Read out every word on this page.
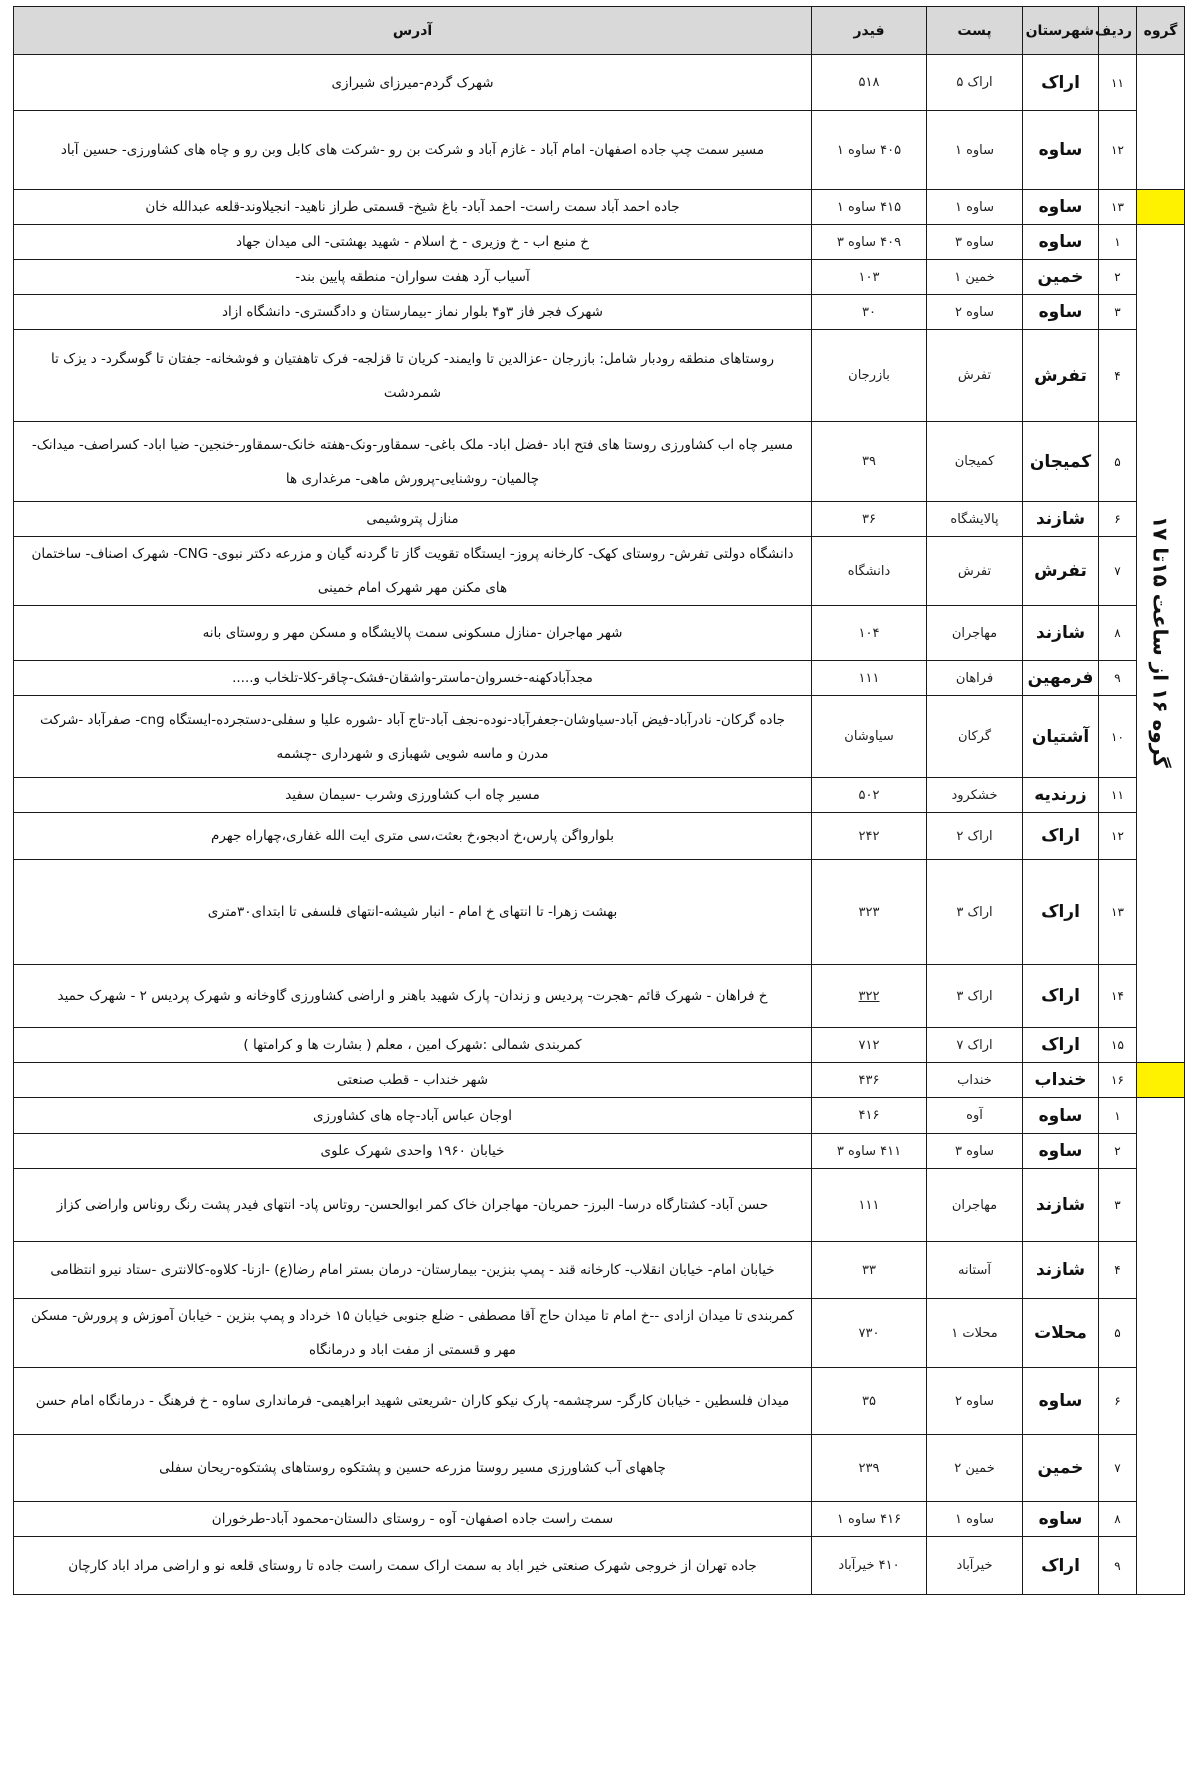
گروه	ردیف	شهرستان	پست	فیدر	آدرس
	۱۱	اراک	اراک ۵	۵۱۸	شهرک گردم-میرزای شیرازی
	۱۲	ساوه	ساوه ۱	۴۰۵ ساوه ۱	مسیر سمت چپ جاده اصفهان- امام آباد - غازم آباد و شرکت بن رو -شرکت های کابل وبن رو و چاه های کشاورزی- حسین آباد
	۱۳	ساوه	ساوه ۱	۴۱۵ ساوه ۱	جاده احمد آباد سمت راست- احمد آباد- باغ شیخ- قسمتی طراز ناهید- انجیلاوند-قلعه عبدالله خان
گروه ۱۶ از ساعت ۱۵تا ۱۷	۱	ساوه	ساوه ۳	۴۰۹ ساوه ۳	خ منبع اب - خ وزیری - خ اسلام - شهید بهشتی- الی میدان جهاد
	۲	خمین	خمین ۱	۱۰۳	آسیاب آرد هفت سواران- منطقه پایین بند-
	۳	ساوه	ساوه ۲	۳۰	شهرک فجر فاز ۳و۴ بلوار نماز -بیمارستان و دادگستری- دانشگاه ازاد
	۴	تفرش	تفرش	بازرجان	روستاهای منطقه رودبار شامل: بازرجان -عزالدین تا وایمند- کریان تا قزلجه- فرک تاهفتیان و فوشخانه- جفتان تا گوسگرد- د یزک تا شمردشت
	۵	کمیجان	کمیجان	۳۹	مسیر چاه اب کشاورزی روستا های فتح اباد -فضل اباد- ملک باغی- سمقاور-ونک-هفته خانک-سمقاور-خنجین- ضیا اباد- کسراصف- میدانک-چالمیان- روشنایی-پرورش ماهی- مرغداری ها
	۶	شازند	پالایشگاه	۳۶	منازل پتروشیمی
	۷	تفرش	تفرش	دانشگاه	دانشگاه دولتی تفرش- روستای کهک- کارخانه پروز- ایستگاه تقویت گاز تا گردنه گیان و مزرعه دکتر نبوی- CNG- شهرک اصناف- ساختمان های مکنن مهر شهرک امام خمینی
	۸	شازند	مهاجران	۱۰۴	شهر مهاجران -منازل مسکونی سمت پالایشگاه و مسکن مهر و روستای بانه
	۹	فرمهین	فراهان	۱۱۱	مجدآبادکهنه-خسروان-ماستر-واشقان-فشک-چاقر-کلا-تلخاب و.....
	۱۰	آشتیان	گرکان	سیاوشان	جاده گرکان- نادرآباد-فیض آباد-سیاوشان-جعفرآباد-نوده-نجف آباد-تاج آباد -شوره علیا و سفلی-دستجرده-ایستگاه cng- صفرآباد -شرکت مدرن و ماسه شویی شهبازی و شهرداری -چشمه
	۱۱	زرندیه	خشکرود	۵۰۲	مسیر چاه اب کشاورزی وشرب -سیمان سفید
	۱۲	اراک	اراک ۲	۲۴۲	بلوارواگن پارس،خ ادبجو،خ بعثت،سی متری ایت الله غفاری،چهاراه جهرم
	۱۳	اراک	اراک ۳	۳۲۳	بهشت زهرا- تا انتهای خ امام - انبار شیشه-انتهای فلسفی تا ابتدای۳۰متری
	۱۴	اراک	اراک ۳	۳۲۲	خ فراهان - شهرک قائم -هجرت- پردیس و زندان- پارک شهید باهنر و اراضی کشاورزی گاوخانه و شهرک پردیس ۲ - شهرک حمید
	۱۵	اراک	اراک ۷	۷۱۲	کمربندی شمالی :شهرک امین ، معلم ( بشارت ها و کرامتها )
	۱۶	خنداب	خنداب	۴۳۶	شهر خنداب - قطب صنعتی
	۱	ساوه	آوه	۴۱۶	اوجان عباس آباد-چاه های کشاورزی
	۲	ساوه	ساوه ۳	۴۱۱ ساوه ۳	خیابان ۱۹۶۰ واحدی شهرک علوی
	۳	شازند	مهاجران	۱۱۱	حسن آباد- کشتارگاه درسا- البرز- حمریان- مهاجران خاک کمر ابوالحسن- روتاس پاد- انتهای فیدر پشت رنگ روناس واراضی کزاز
	۴	شازند	آستانه	۳۳	خیابان امام- خیابان انقلاب- کارخانه قند - پمپ بنزین- بیمارستان- درمان بستر امام رضا(ع) -ازنا- کلاوه-کالانتری -ستاد نیرو انتظامی
	۵	محلات	محلات ۱	۷۳۰	کمربندی تا میدان ازادی --خ امام تا میدان حاج آقا مصطفی - ضلع جنوبی خیابان ۱۵ خرداد و پمپ بنزین - خیابان آموزش و پرورش- مسکن مهر و قسمتی از مفت اباد و درمانگاه
	۶	ساوه	ساوه ۲	۳۵	میدان فلسطین - خیابان کارگر- سرچشمه- پارک نیکو کاران -شریعتی شهید ابراهیمی- فرمانداری ساوه - خ فرهنگ - درمانگاه امام حسن
	۷	خمین	خمین ۲	۲۳۹	چاههای آب کشاورزی مسیر روستا مزرعه حسین و پشتکوه روستاهای پشتکوه-ریحان سفلی
	۸	ساوه	ساوه ۱	۴۱۶ ساوه ۱	سمت راست جاده اصفهان- آوه - روستای دالستان-محمود آباد-طرخوران
	۹	اراک	خیرآباد	۴۱۰ خیرآباد	جاده تهران از خروجی شهرک صنعتی خیر اباد به سمت اراک سمت راست جاده تا روستای قلعه نو و اراضی مراد اباد کارچان
